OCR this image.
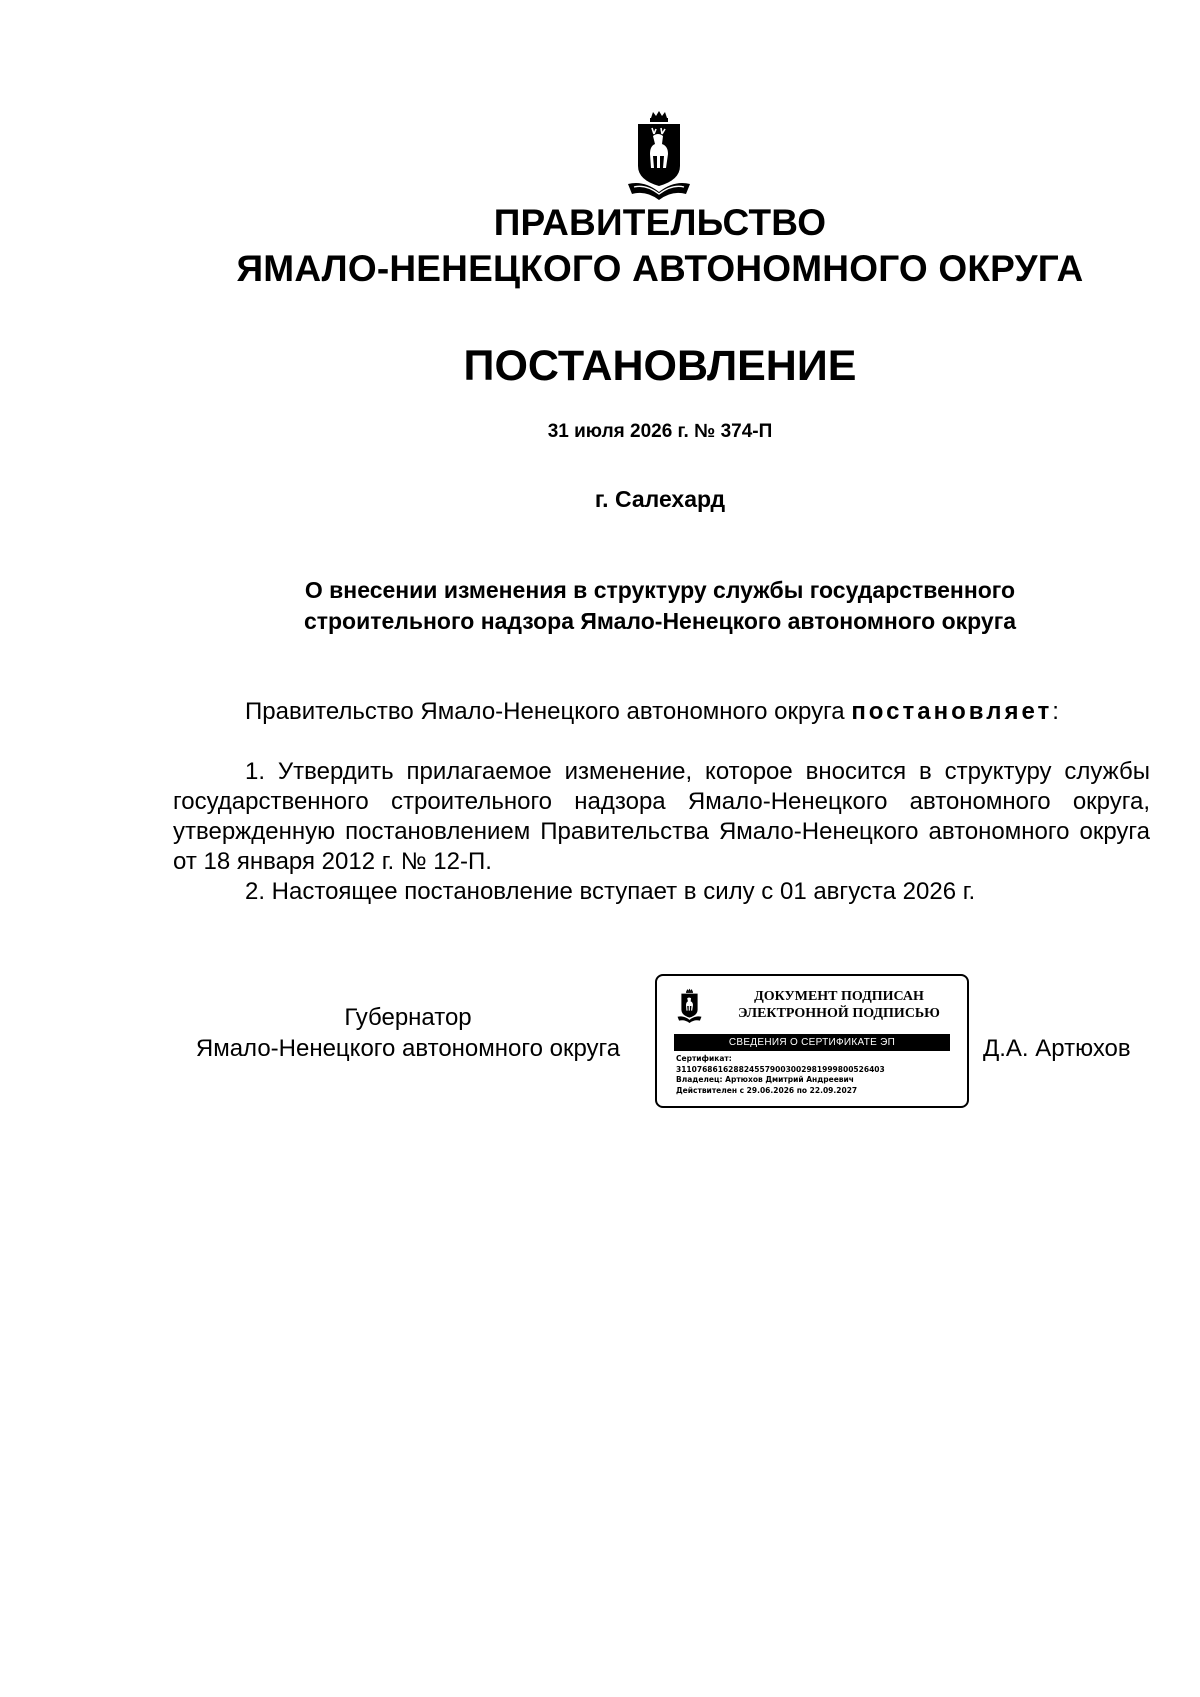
ПРАВИТЕЛЬСТВО
ЯМАЛО-НЕНЕЦКОГО АВТОНОМНОГО ОКРУГА
ПОСТАНОВЛЕНИЕ
31 июля 2026 г. № 374-П
г. Салехард
О внесении изменения в структуру службы государственного
строительного надзора Ямало-Ненецкого автономного округа
Правительство Ямало-Ненецкого автономного округа постановляет:

1. Утвердить прилагаемое изменение, которое вносится в структуру службы государственного строительного надзора Ямало-Ненецкого автономного округа, утвержденную постановлением Правительства Ямало-Ненецкого автономного округа от 18 января 2012 г. № 12-П.

2. Настоящее постановление вступает в силу с 01 августа 2026 г.

Губернатор
Ямало-Ненецкого автономного округа
ДОКУМЕНТ ПОДПИСАН
ЭЛЕКТРОННОЙ ПОДПИСЬЮ
СВЕДЕНИЯ О СЕРТИФИКАТЕ ЭП
Сертификат:
3110768616288245579003002981999800526403
Владелец: Артюхов Дмитрий Андреевич
Действителен с 29.06.2026 по 22.09.2027
Д.А. Артюхов
